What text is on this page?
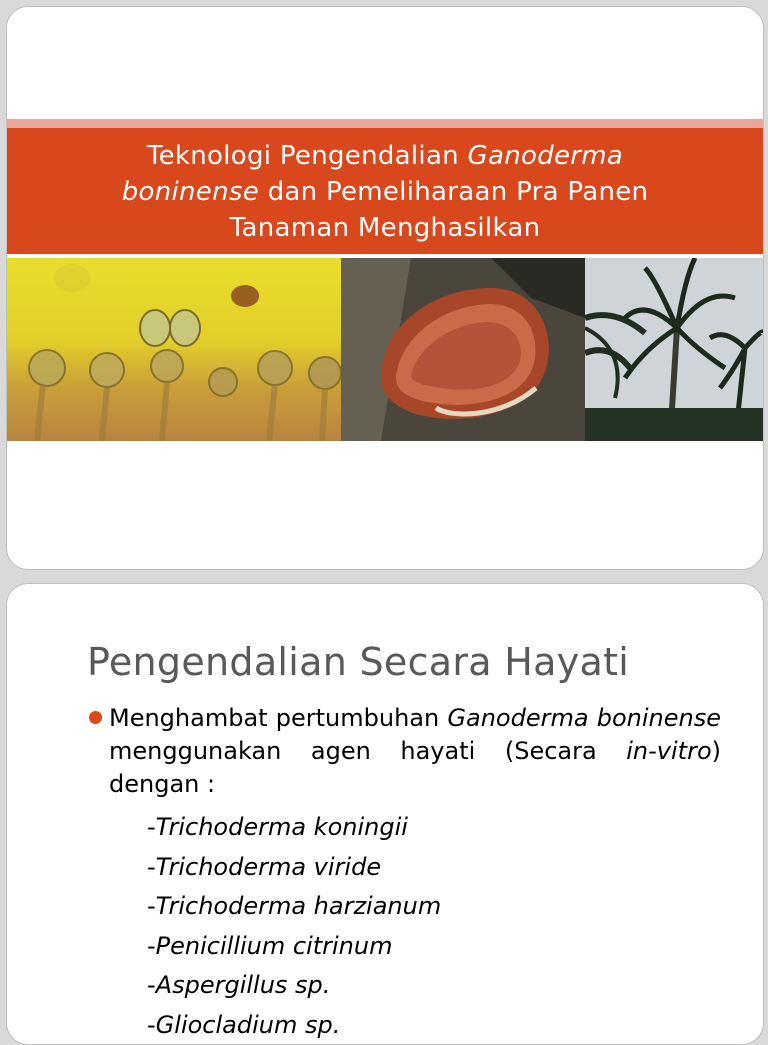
Teknologi Pengendalian Ganoderma
boninense dan Pemeliharaan Pra Panen
Tanaman Menghasilkan
Pengendalian Secara Hayati
Menghambat pertumbuhan Ganoderma boninense menggunakan agen hayati (Secara in-vitro) dengan :
-Trichoderma koningii
-Trichoderma viride
-Trichoderma harzianum
-Penicillium citrinum
-Aspergillus sp.
-Gliocladium sp.
